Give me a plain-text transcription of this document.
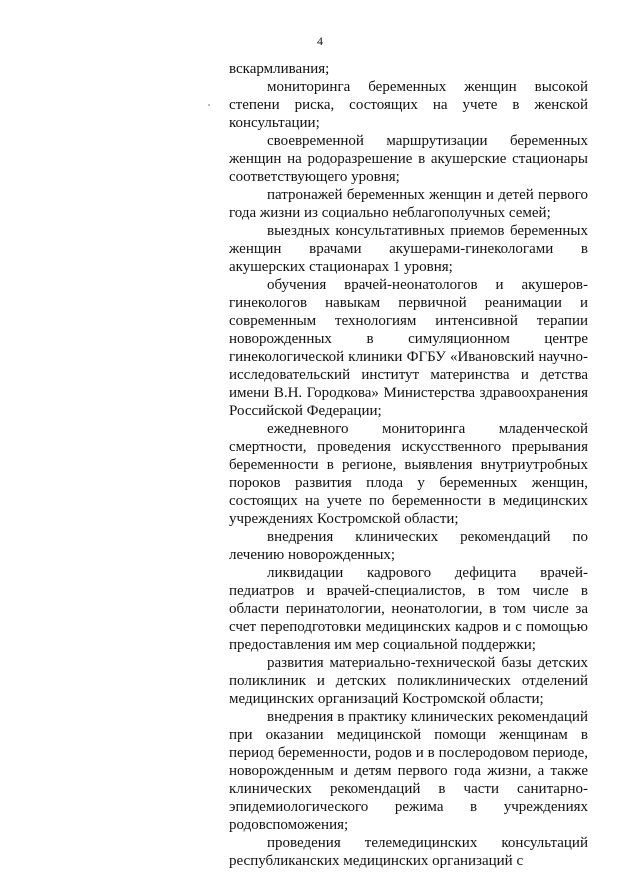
4

вскармливания;

мониторинга беременных женщин высокой степени риска, состоящих на учете в женской консультации;

своевременной маршрутизации беременных женщин на родоразрешение в акушерские стационары соответствующего уровня;

патронажей беременных женщин и детей первого года жизни из социально неблагополучных семей;

выездных консультативных приемов беременных женщин врачами акушерами-гинекологами в акушерских стационарах 1 уровня;

обучения врачей-неонатологов и акушеров-гинекологов навыкам первичной реанимации и современным технологиям интенсивной терапии новорожденных в симуляционном центре гинекологической клиники ФГБУ «Ивановский научно-исследовательский институт материнства и детства имени В.Н. Городкова» Министерства здравоохранения Российской Федерации;

ежедневного мониторинга младенческой смертности, проведения искусственного прерывания беременности в регионе, выявления внутриутробных пороков развития плода у беременных женщин, состоящих на учете по беременности в медицинских учреждениях Костромской области;

внедрения клинических рекомендаций по лечению новорожденных;

ликвидации кадрового дефицита врачей-педиатров и врачей-специалистов, в том числе в области перинатологии, неонатологии, в том числе за счет переподготовки медицинских кадров и с помощью предоставления им мер социальной поддержки;

развития материально-технической базы детских поликлиник и детских поликлинических отделений медицинских организаций Костромской области;

внедрения в практику клинических рекомендаций при оказании медицинской помощи женщинам в период беременности, родов и в послеродовом периоде, новорожденным и детям первого года жизни, а также клинических рекомендаций в части санитарно-эпидемиологического режима в учреждениях родовспоможения;

проведения телемедицинских консультаций республиканских медицинских организаций с
